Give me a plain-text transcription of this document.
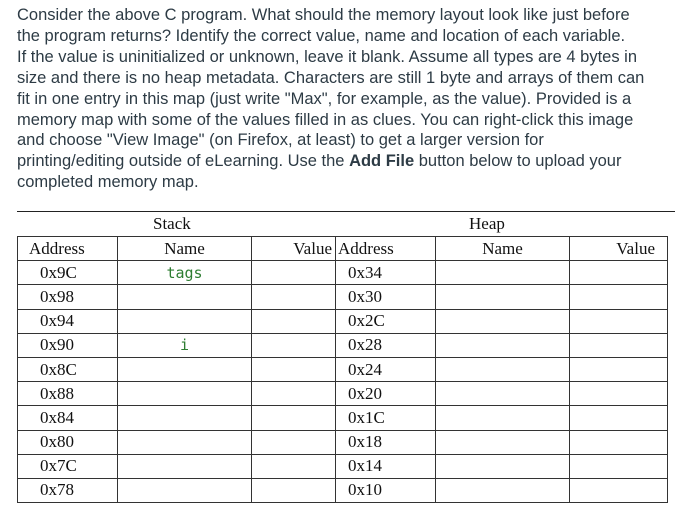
Consider the above C program. What should the memory layout look like just before
the program returns? Identify the correct value, name and location of each variable.
If the value is uninitialized or unknown, leave it blank. Assume all types are 4 bytes in
size and there is no heap metadata. Characters are still 1 byte and arrays of them can
fit in one entry in this map (just write "Max", for example, as the value). Provided is a
memory map with some of the values filled in as clues. You can right-click this image
and choose "View Image" (on Firefox, at least) to get a larger version for
printing/editing outside of eLearning. Use the Add File button below to upload your
completed memory map.

Stack	Heap
Address	Name	Value	Address	Name	Value
0x9C	tags		0x34		
0x98			0x30		
0x94			0x2C		
0x90	i		0x28		
0x8C			0x24		
0x88			0x20		
0x84			0x1C		
0x80			0x18		
0x7C			0x14		
0x78			0x10		
